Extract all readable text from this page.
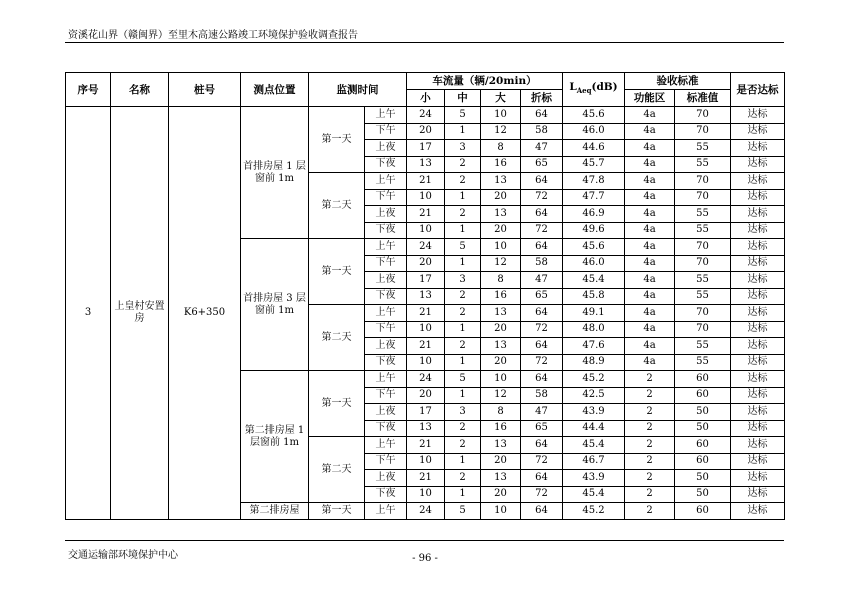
资溪花山界（赣闽界）至里木高速公路竣工环境保护验收调查报告
序号	名称	桩号	测点位置	监测时间		车流量（辆/20min）				$L_{Aeq}(dB)$	验收标准		是否达标
						小	中	大	折标		功能区	标准值	
3	上皇村安置房	K6+350	首排房屋 1 层窗前 1m	第一天	上午	24	5	10	64	45.6	4a	70	达标
					下午	20	1	12	58	46.0	4a	70	达标
					上夜	17	3	8	47	44.6	4a	55	达标
					下夜	13	2	16	65	45.7	4a	55	达标
				第二天	上午	21	2	13	64	47.8	4a	70	达标
					下午	10	1	20	72	47.7	4a	70	达标
					上夜	21	2	13	64	46.9	4a	55	达标
					下夜	10	1	20	72	49.6	4a	55	达标
			首排房屋 3 层窗前 1m	第一天	上午	24	5	10	64	45.6	4a	70	达标
					下午	20	1	12	58	46.0	4a	70	达标
					上夜	17	3	8	47	45.4	4a	55	达标
					下夜	13	2	16	65	45.8	4a	55	达标
				第二天	上午	21	2	13	64	49.1	4a	70	达标
					下午	10	1	20	72	48.0	4a	70	达标
					上夜	21	2	13	64	47.6	4a	55	达标
					下夜	10	1	20	72	48.9	4a	55	达标
			第二排房屋 1 层窗前 1m	第一天	上午	24	5	10	64	45.2	2	60	达标
					下午	20	1	12	58	42.5	2	60	达标
					上夜	17	3	8	47	43.9	2	50	达标
					下夜	13	2	16	65	44.4	2	50	达标
				第二天	上午	21	2	13	64	45.4	2	60	达标
					下午	10	1	20	72	46.7	2	60	达标
					上夜	21	2	13	64	43.9	2	50	达标
					下夜	10	1	20	72	45.4	2	50	达标
			第二排房屋	第一天	上午	24	5	10	64	45.2	2	60	达标
交通运输部环境保护中心	- 96 -
